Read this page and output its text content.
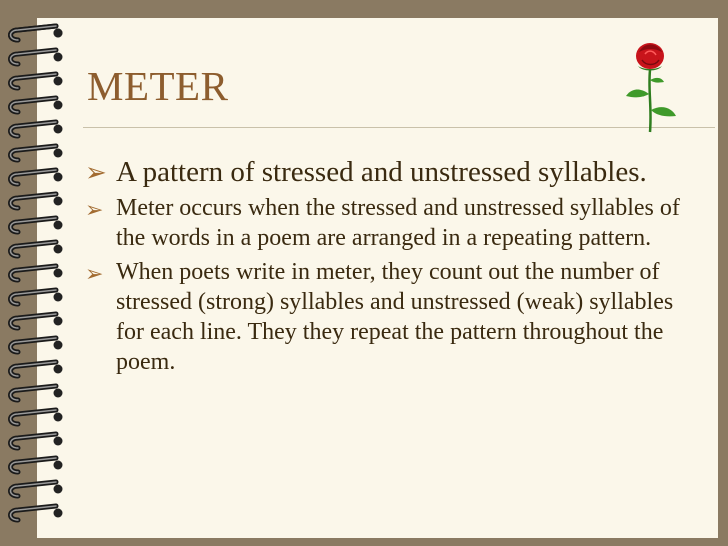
METER
➢ A pattern of stressed and unstressed syllables.
➢ Meter occurs when the stressed and unstressed syllables of the words in a poem are arranged in a repeating pattern.
➢ When poets write in meter, they count out the number of stressed (strong) syllables and unstressed (weak) syllables for each line. They they repeat the pattern throughout the poem.
